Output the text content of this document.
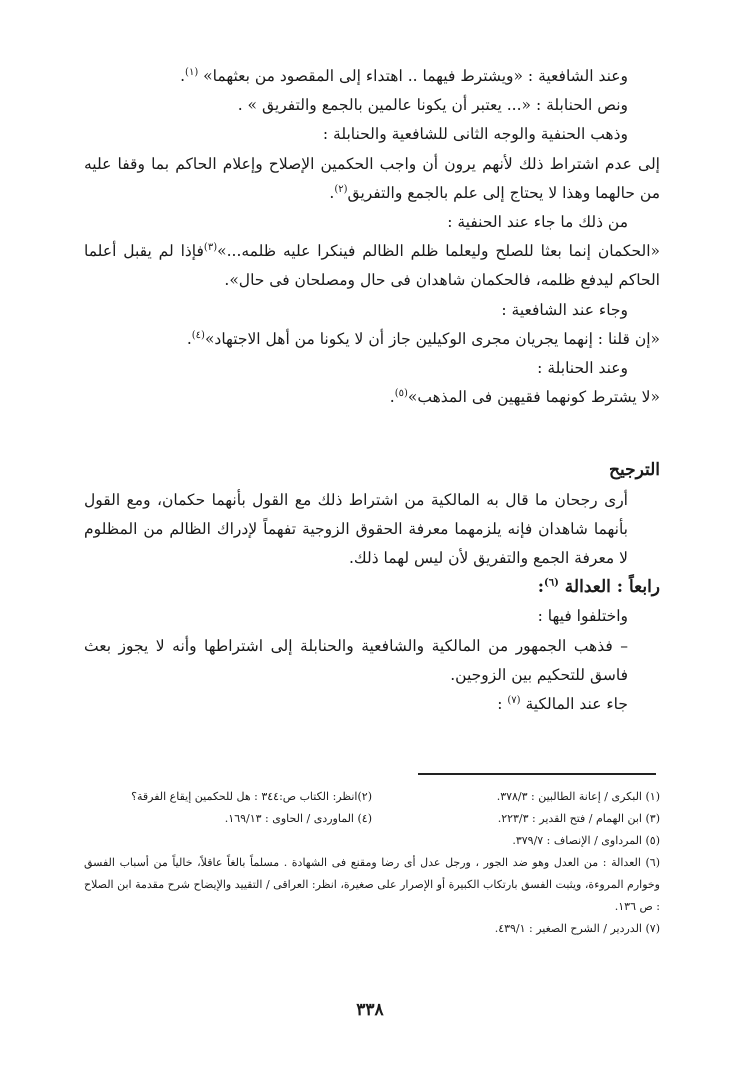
وعند الشافعية : «ويشترط فيهما .. اهتداء إلى المقصود من بعثهما» $^{(١)}$.

ونص الحنابلة : «... يعتبر أن يكونا عالمين بالجمع والتفريق » .

وذهب الحنفية والوجه الثانى للشافعية والحنابلة :

إلى عدم اشتراط ذلك لأنهم يرون أن واجب الحكمين الإصلاح وإعلام الحاكم بما وقفا عليه من حالهما وهذا لا يحتاج إلى علم بالجمع والتفريق$^{(٢)}$.

من ذلك ما جاء عند الحنفية :

«الحكمان إنما بعثا للصلح وليعلما ظلم الظالم فينكرا عليه ظلمه...»$^{(٣)}$فإذا لم يقبل أعلما الحاكم ليدفع ظلمه، فالحكمان شاهدان فى حال ومصلحان فى حال».

وجاء عند الشافعية :

«إن قلنا : إنهما يجريان مجرى الوكيلين جاز أن لا يكونا من أهل الاجتهاد»$^{(٤)}$.

وعند الحنابلة :

«لا يشترط كونهما فقيهين فى المذهب»$^{(٥)}$.

الترجيح

أرى رجحان ما قال به المالكية من اشتراط ذلك مع القول بأنهما حكمان، ومع القول بأنهما شاهدان فإنه يلزمهما معرفة الحقوق الزوجية تفهماً لإدراك الظالم من المظلوم لا معرفة الجمع والتفريق لأن ليس لهما ذلك.

رابعاً : العدالة $^{(٦)}$:

واختلفوا فيها :

– فذهب الجمهور من المالكية والشافعية والحنابلة إلى اشتراطها وأنه لا يجوز بعث فاسق للتحكيم بين الزوجين.

جاء عند المالكية $^{(٧)}$ :

(١) البكرى / إعانة الطالبين : ٣٧٨/٣.
(٢)انظر: الكتاب ص:٣٤٤ : هل للحكمين إيقاع الفرقة؟
(٣) ابن الهمام / فتح القدير : ٢٢٣/٣.
(٤) الماوردى / الحاوى : ١٦٩/١٣.
(٥) المرداوى / الإنصاف : ٣٧٩/٧.
(٦) العدالة : من العدل وهو ضد الجور ، ورجل عدل أى رضا ومقنع فى الشهادة . مسلماً بالغاً عاقلاً، خالياً من أسباب الفسق وخوارم المروءة، ويثبت الفسق بارتكاب الكبيرة أو الإصرار على صغيرة، انظر: العراقى / التقييد والإيضاح شرح مقدمة ابن الصلاح : ص ١٣٦.
(٧) الدردير / الشرح الصغير : ٤٣٩/١.
٣٣٨
